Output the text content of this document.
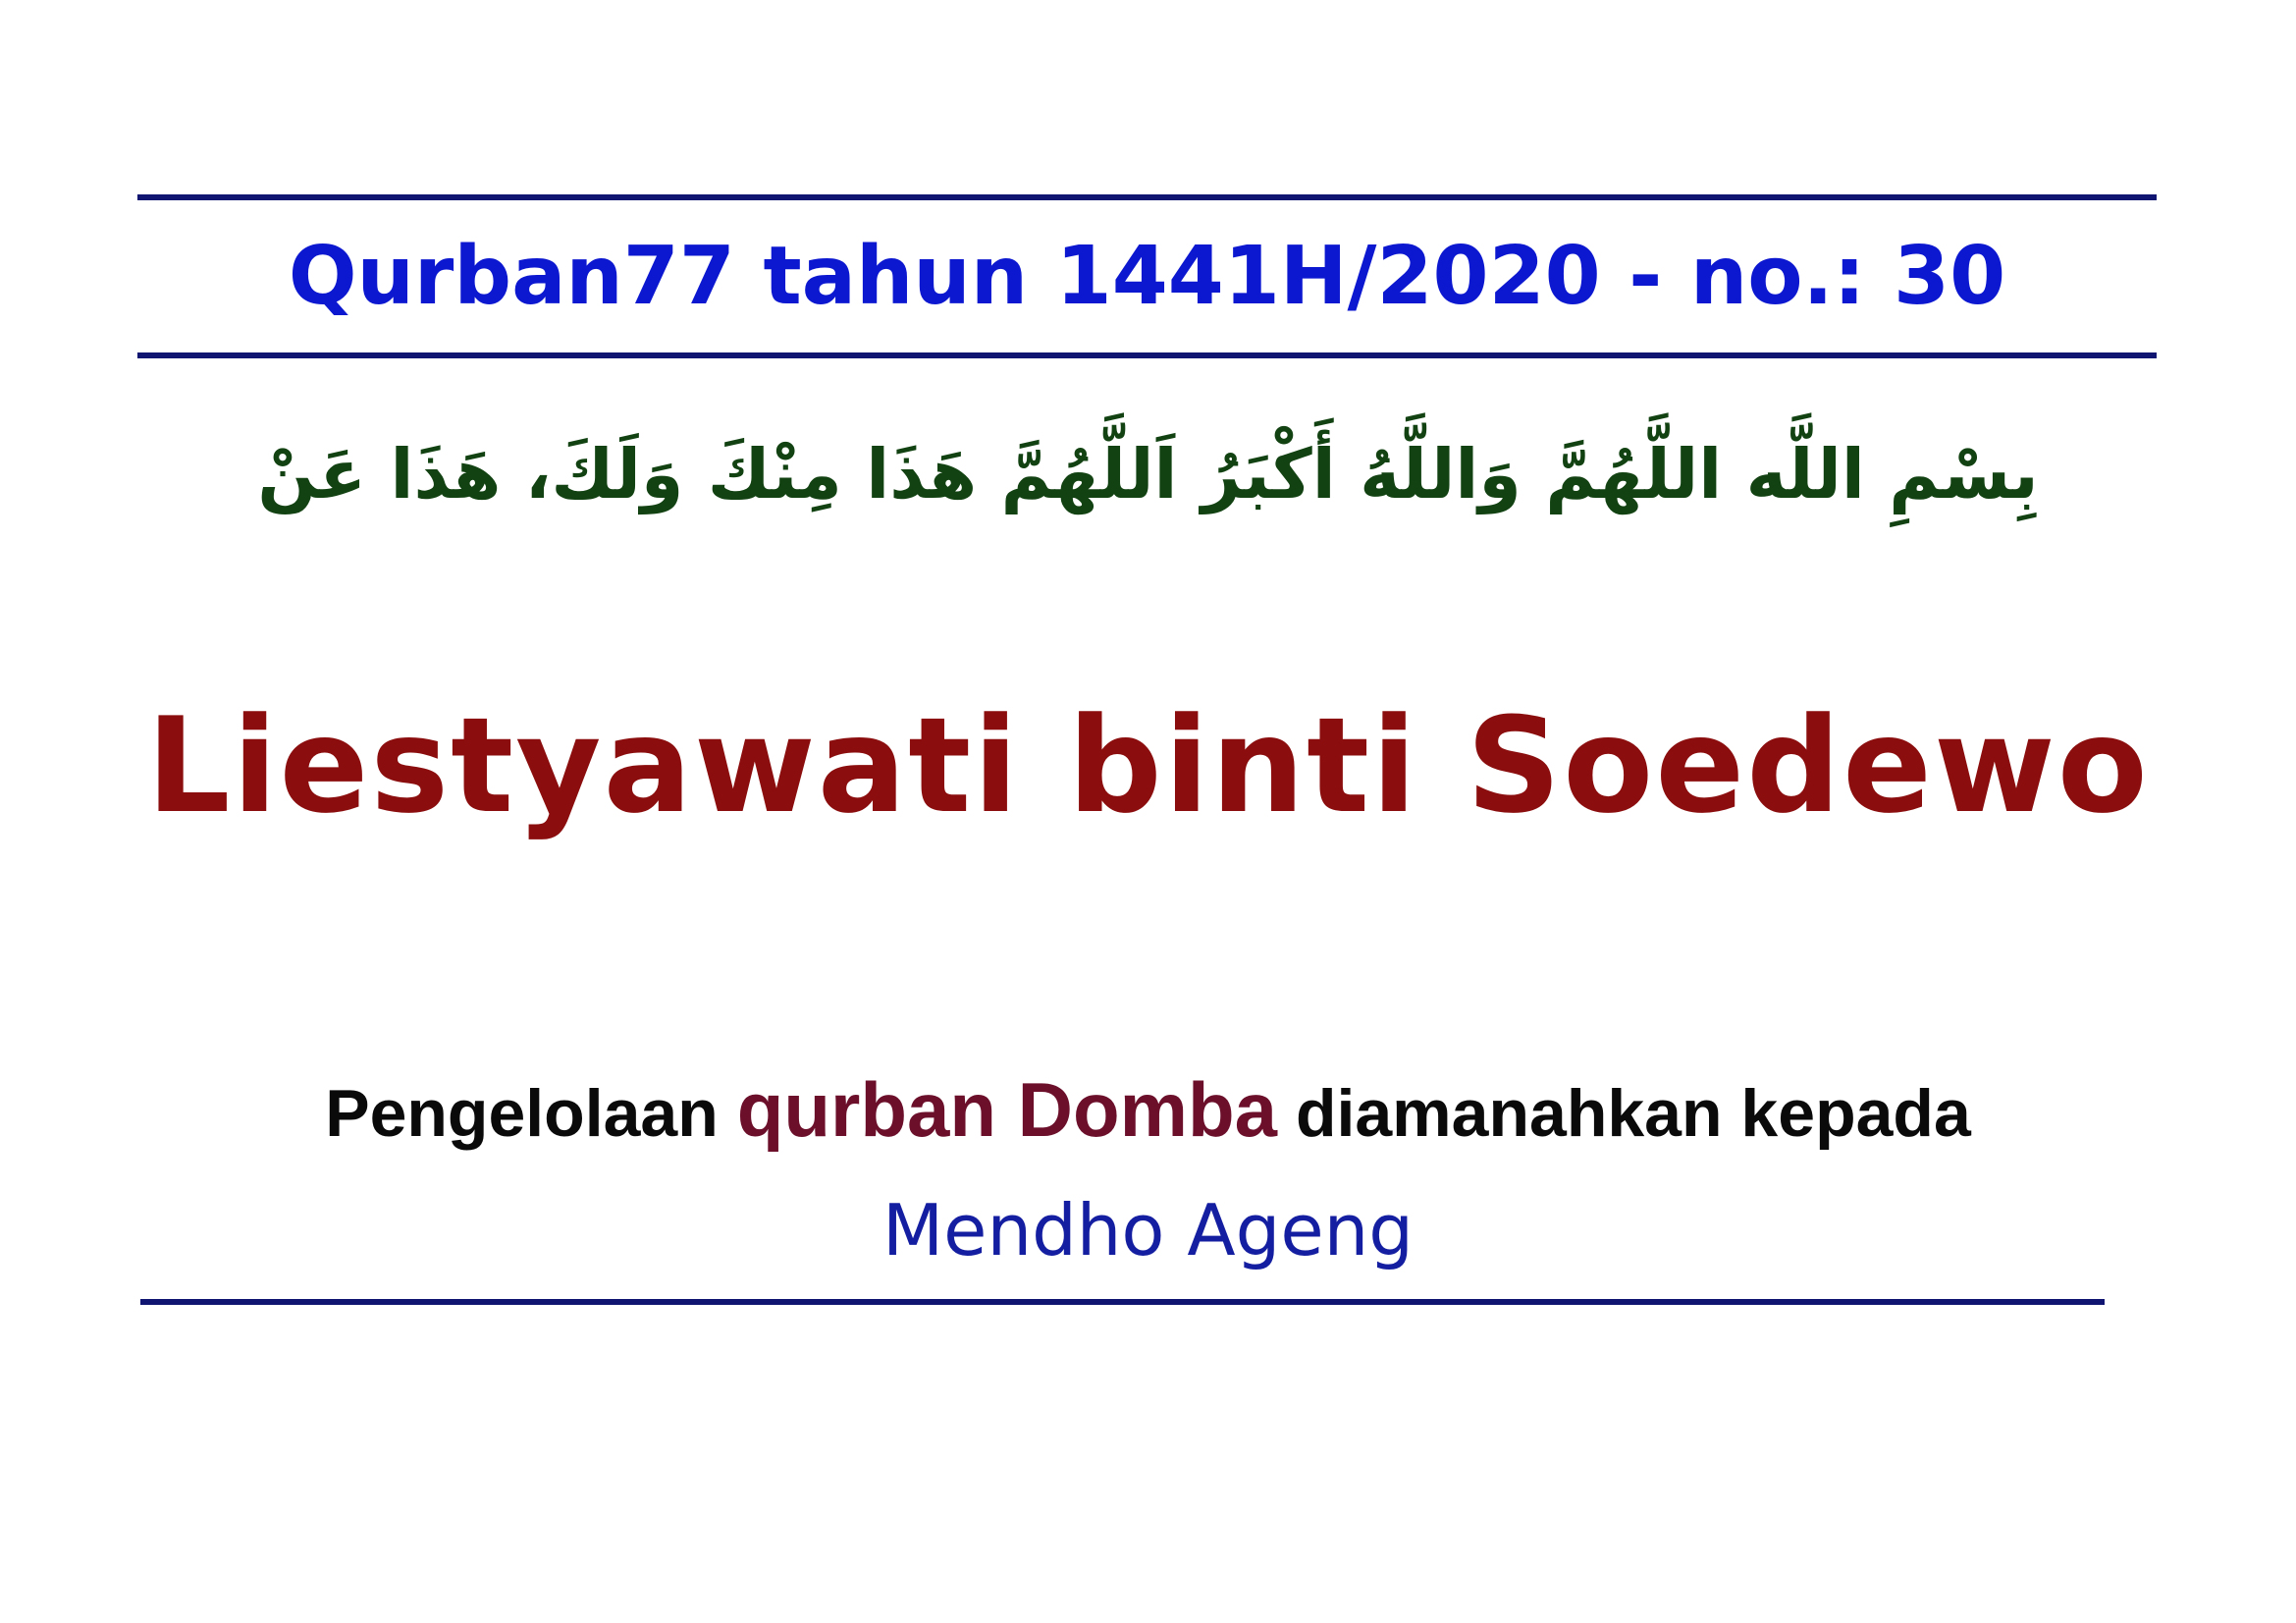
Qurban77 tahun 1441H/2020 - no.: 30
بِسْمِ اللَّه اللَّهُمَّ وَاللَّهُ أَكْبَرُ اَللَّهُمَّ هَذَا مِنْكَ وَلَكَ، هَذَا عَنْ
Liestyawati binti Soedewo
Pengelolaan qurban Domba diamanahkan kepada
Mendho Ageng
